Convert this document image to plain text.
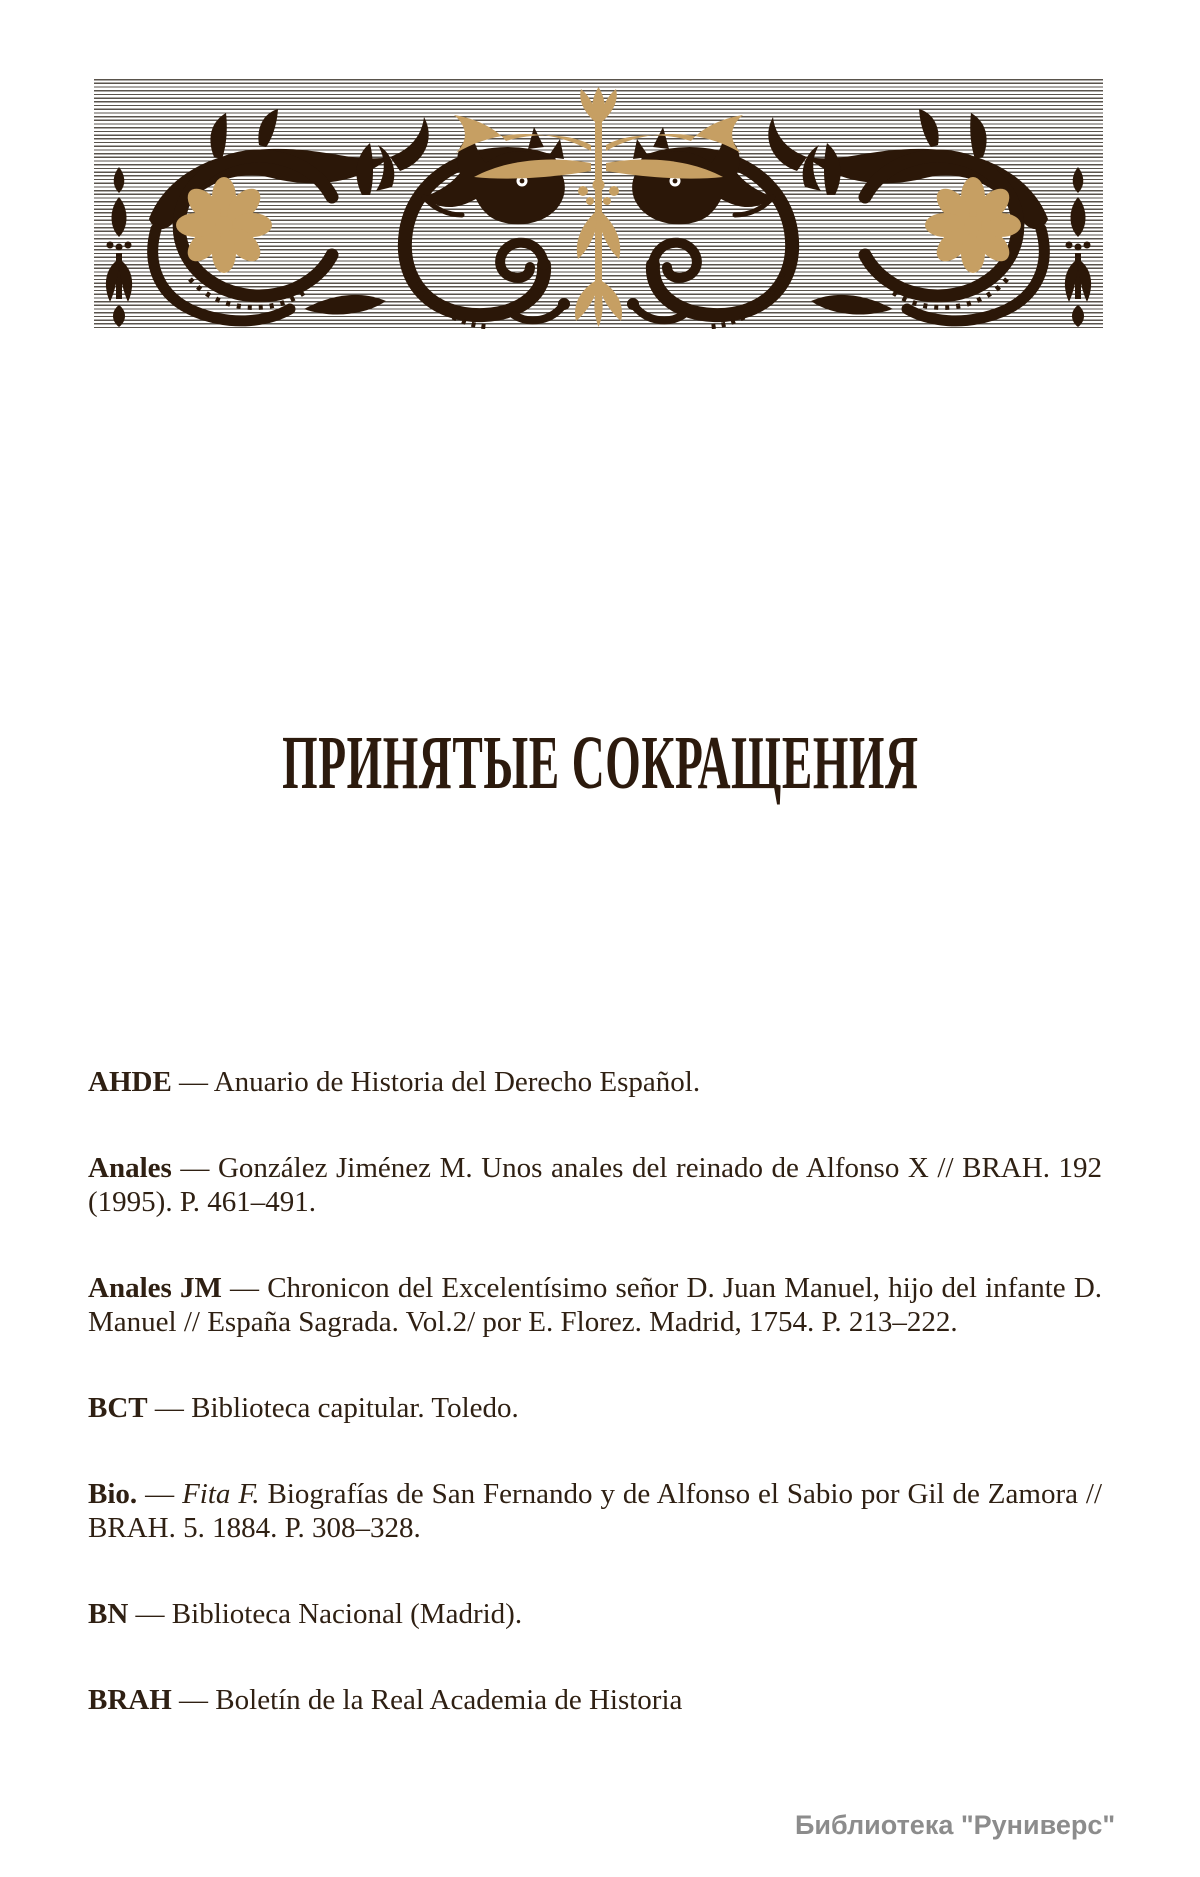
ПРИНЯТЫЕ СОКРАЩЕНИЯ

AHDE — Anuario de Historia del Derecho Español.

Anales — González Jiménez M. Unos anales del reinado de Alfonso X // BRAH. 192 (1995). P. 461–491.

Anales JM — Chronicon del Excelentísimo señor D. Juan Manuel, hijo del infante D. Manuel // España Sagrada. Vol.2/ por E. Florez. Madrid, 1754. P. 213–222.

BCT — Biblioteca capitular. Toledo.

Bio. — Fita F. Biografías de San Fernando y de Alfonso el Sabio por Gil de Zamora // BRAH. 5. 1884. P. 308–328.

BN — Biblioteca Nacional (Madrid).

BRAH — Boletín de la Real Academia de Historia

Библиотека "Руниверс"
